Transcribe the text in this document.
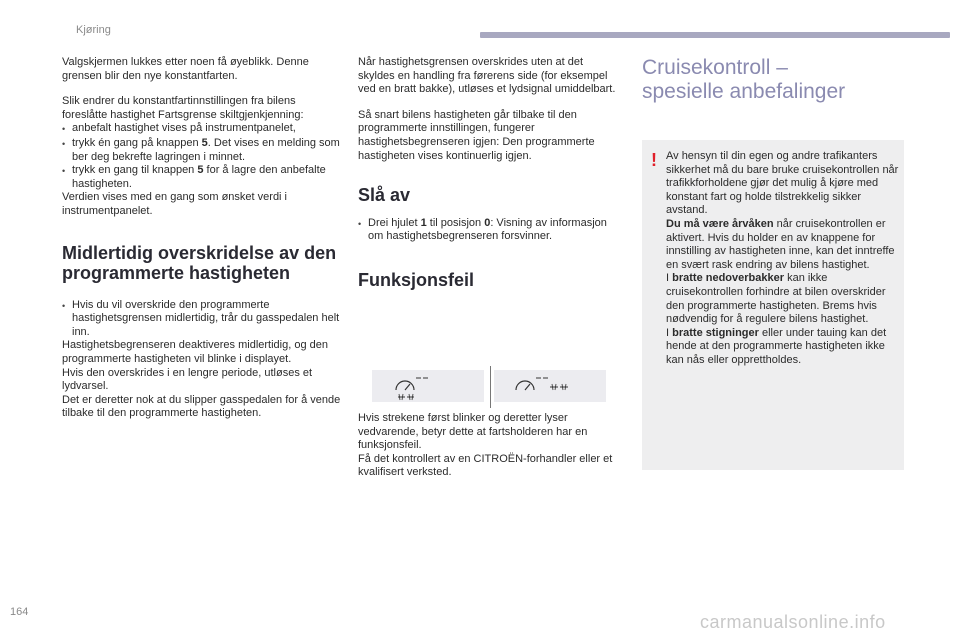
Kjøring

Valgskjermen lukkes etter noen få øyeblikk. Denne grensen blir den nye konstantfarten.

Slik endrer du konstantfartinnstillingen fra bilens foreslåtte hastighet Fartsgrense skiltgjenkjenning:

• anbefalt hastighet vises på instrumentpanelet,
• trykk én gang på knappen 5. Det vises en melding som ber deg bekrefte lagringen i minnet.
• trykk en gang til knappen 5 for å lagre den anbefalte hastigheten.

Verdien vises med en gang som ønsket verdi i instrumentpanelet.

Midlertidig overskridelse av den programmerte hastigheten
• Hvis du vil overskride den programmerte hastighetsgrensen midlertidig, trår du gasspedalen helt inn.

Hastighetsbegrenseren deaktiveres midlertidig, og den programmerte hastigheten vil blinke i displayet.

Hvis den overskrides i en lengre periode, utløses et lydvarsel.

Det er deretter nok at du slipper gasspedalen for å vende tilbake til den programmerte hastigheten.

Når hastighetsgrensen overskrides uten at det skyldes en handling fra førerens side (for eksempel ved en bratt bakke), utløses et lydsignal umiddelbart.

Så snart bilens hastigheten går tilbake til den programmerte innstillingen, fungerer hastighetsbegrenseren igjen: Den programmerte hastigheten vises kontinuerlig igjen.

Slå av
• Drei hjulet 1 til posisjon 0: Visning av informasjon om hastighetsbegrenseren forsvinner.
Funksjonsfeil

Hvis strekene først blinker og deretter lyser vedvarende, betyr dette at fartsholderen har en funksjonsfeil.

Få det kontrollert av en CITROËN-forhandler eller et kvalifisert verksted.

Cruisekontroll – spesielle anbefalinger
! Av hensyn til din egen og andre trafikanters sikkerhet må du bare bruke cruisekontrollen når trafikkforholdene gjør det mulig å kjøre med konstant fart og holde tilstrekkelig sikker avstand.

Du må være årvåken når cruisekontrollen er aktivert. Hvis du holder en av knappene for innstilling av hastigheten inne, kan det inntreffe en svært rask endring av bilens hastighet.

I bratte nedoverbakker kan ikke cruisekontrollen forhindre at bilen overskrider den programmerte hastigheten. Brems hvis nødvendig for å regulere bilens hastighet.

I bratte stigninger eller under tauing kan det hende at den programmerte hastigheten ikke kan nås eller opprettholdes.

164	carmanualsonline.info
